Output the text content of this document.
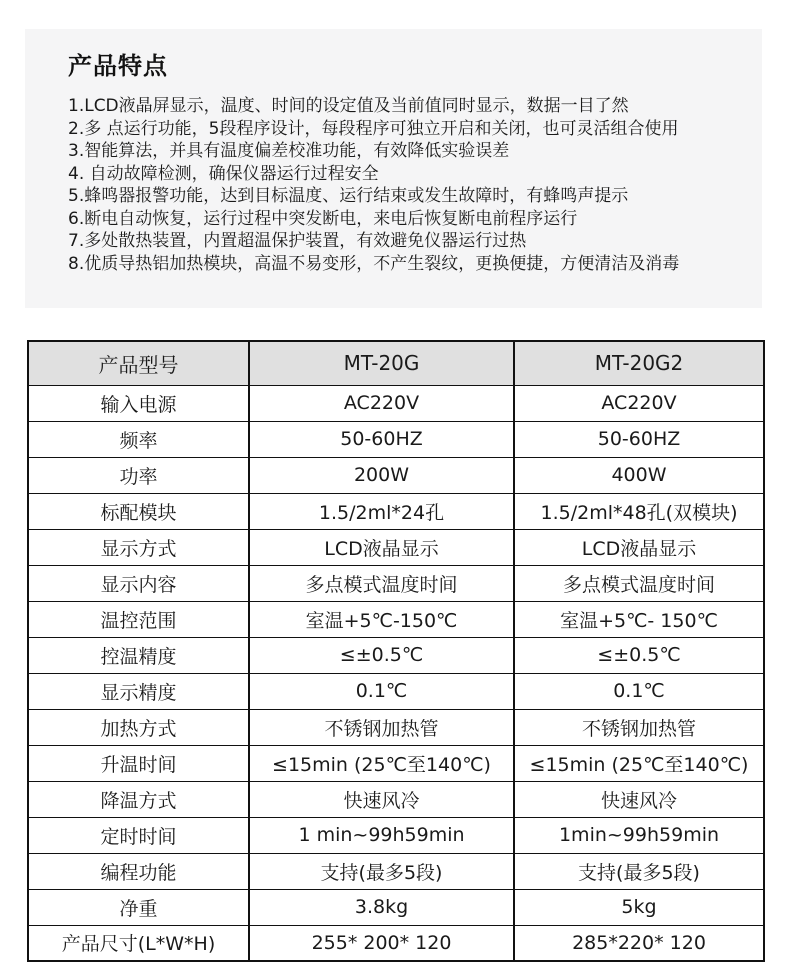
产品特点
1.LCD液晶屏显示，温度、时间的设定值及当前值同时显示，数据一目了然
2.多 点运行功能，5段程序设计，每段程序可独立开启和关闭，也可灵活组合使用
3.智能算法，并具有温度偏差校准功能，有效降低实验误差
4. 自动故障检测，确保仪器运行过程安全
5.蜂鸣器报警功能，达到目标温度、运行结束或发生故障时，有蜂鸣声提示
6.断电自动恢复，运行过程中突发断电，来电后恢复断电前程序运行
7.多处散热装置，内置超温保护装置，有效避免仪器运行过热
8.优质导热铝加热模块，高温不易变形，不产生裂纹，更换便捷，方便清洁及消毒
产品型号	MT-20G	MT-20G2
输入电源	AC220V	AC220V
频率	50-60HZ	50-60HZ
功率	200W	400W
标配模块	1.5/2ml*24孔	1.5/2ml*48孔(双模块)
显示方式	LCD液晶显示	LCD液晶显示
显示内容	多点模式温度时间	多点模式温度时间
温控范围	室温+5℃-150℃	室温+5℃- 150℃
控温精度	≤±0.5℃	≤±0.5℃
显示精度	0.1℃	0.1℃
加热方式	不锈钢加热管	不锈钢加热管
升温时间	≤15min (25℃至140℃)	≤15min (25℃至140℃)
降温方式	快速风冷	快速风冷
定时时间	1 min~99h59min	1min~99h59min
编程功能	支持(最多5段)	支持(最多5段)
净重	3.8kg	5kg
产品尺寸(L*W*H)	255* 200* 120	285*220* 120
